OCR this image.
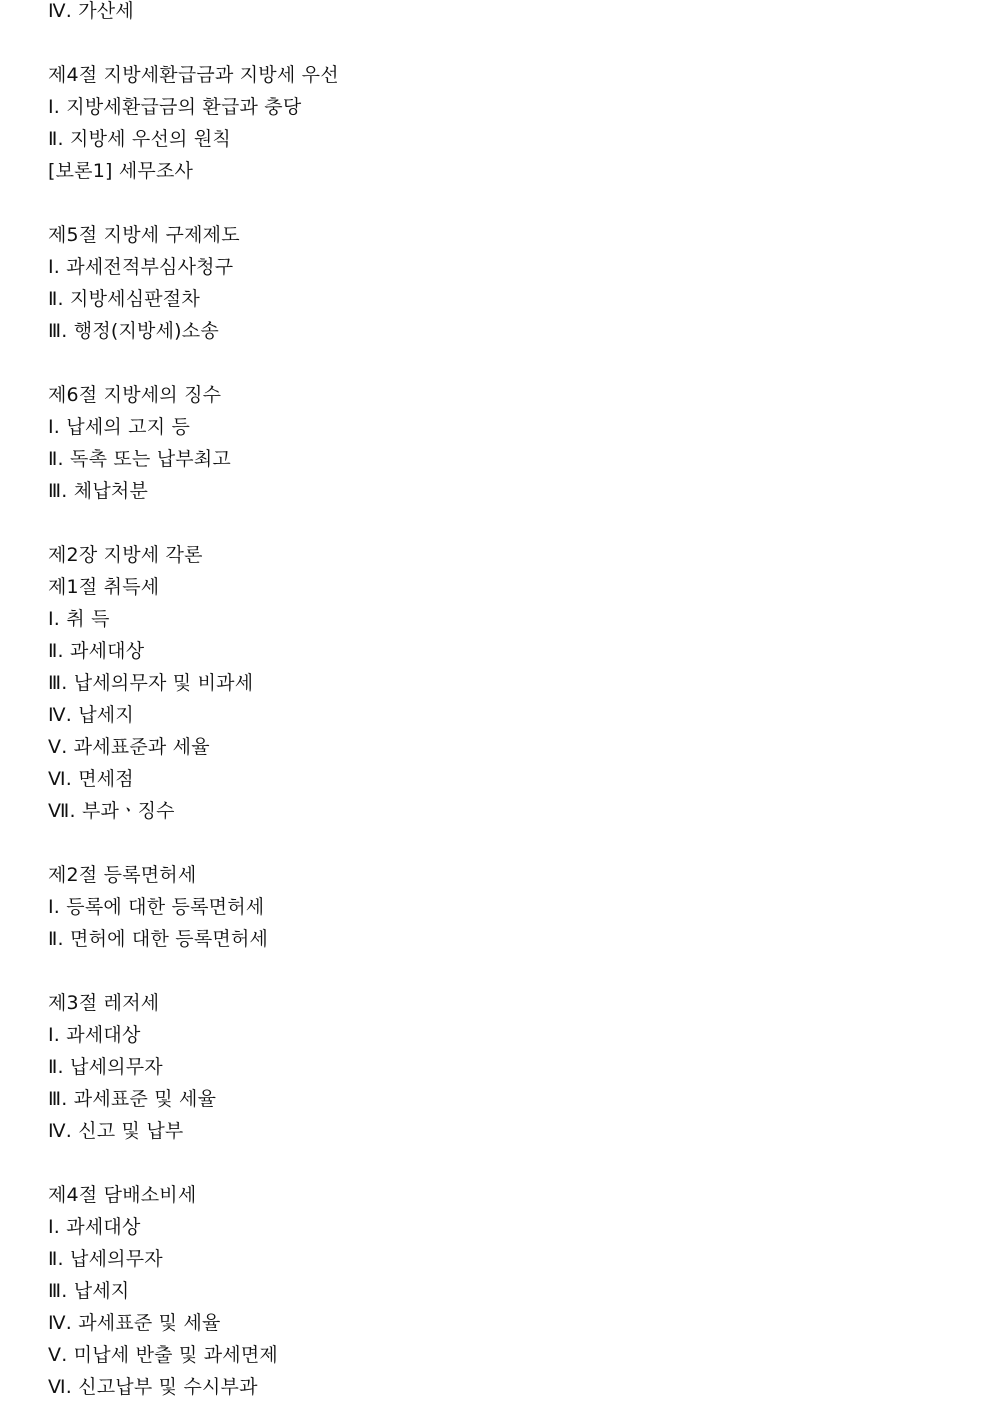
Ⅳ. 가산세
제4절 지방세환급금과 지방세 우선
Ⅰ. 지방세환급금의 환급과 충당
Ⅱ. 지방세 우선의 원칙
[보론1] 세무조사
제5절 지방세 구제제도
Ⅰ. 과세전적부심사청구
Ⅱ. 지방세심판절차
Ⅲ. 행정(지방세)소송
제6절 지방세의 징수
Ⅰ. 납세의 고지 등
Ⅱ. 독촉 또는 납부최고
Ⅲ. 체납처분
제2장 지방세 각론
제1절 취득세
Ⅰ. 취 득
Ⅱ. 과세대상
Ⅲ. 납세의무자 및 비과세
Ⅳ. 납세지
Ⅴ. 과세표준과 세율
Ⅵ. 면세점
Ⅶ. 부과ㆍ징수
제2절 등록면허세
Ⅰ. 등록에 대한 등록면허세
Ⅱ. 면허에 대한 등록면허세
제3절 레저세
Ⅰ. 과세대상
Ⅱ. 납세의무자
Ⅲ. 과세표준 및 세율
Ⅳ. 신고 및 납부
제4절 담배소비세
Ⅰ. 과세대상
Ⅱ. 납세의무자
Ⅲ. 납세지
Ⅳ. 과세표준 및 세율
Ⅴ. 미납세 반출 및 과세면제
Ⅵ. 신고납부 및 수시부과
